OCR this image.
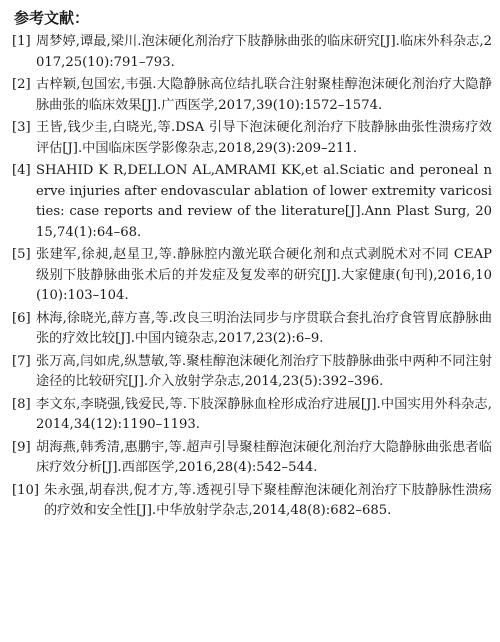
参考文献：
[1] 周梦婷,谭最,梁川.泡沫硬化剂治疗下肢静脉曲张的临床研究[J].临床外科杂志,2017,25(10):791–793.
[2] 古梓颖,包国宏,韦强.大隐静脉高位结扎联合注射聚桂醇泡沫硬化剂治疗大隐静脉曲张的临床效果[J].广西医学,2017,39(10):1572–1574.
[3] 王皆,钱少圭,白晓光,等.DSA 引导下泡沫硬化剂治疗下肢静脉曲张性溃疡疗效评估[J].中国临床医学影像杂志,2018,29(3):209–211.
[4] SHAHID K R,DELLON AL,AMRAMI KK,et al.Sciatic and peroneal nerve injuries after endovascular ablation of lower extremity varicosities: case reports and review of the literature[J].Ann Plast Surg, 2015,74(1):64–68.
[5] 张建军,徐昶,赵星卫,等.静脉腔内激光联合硬化剂和点式剥脱术对不同 CEAP 级别下肢静脉曲张术后的并发症及复发率的研究[J].大家健康(旬刊),2016,10(10):103–104.
[6] 林海,徐晓光,薛方喜,等.改良三明治法同步与序贯联合套扎治疗食管胃底静脉曲张的疗效比较[J].中国内镜杂志,2017,23(2):6–9.
[7] 张万高,闫如虎,纵慧敏,等.聚桂醇泡沫硬化剂治疗下肢静脉曲张中两种不同注射途径的比较研究[J].介入放射学杂志,2014,23(5):392–396.
[8] 李文东,李晓强,钱爱民,等.下肢深静脉血栓形成治疗进展[J].中国实用外科杂志,2014,34(12):1190–1193.
[9] 胡海燕,韩秀清,惠鹏宇,等.超声引导聚桂醇泡沫硬化剂治疗大隐静脉曲张患者临床疗效分析[J].西部医学,2016,28(4):542–544.
[10] 朱永强,胡春洪,倪才方,等.透视引导下聚桂醇泡沫硬化剂治疗下肢静脉性溃疡的疗效和安全性[J].中华放射学杂志,2014,48(8):682–685.
